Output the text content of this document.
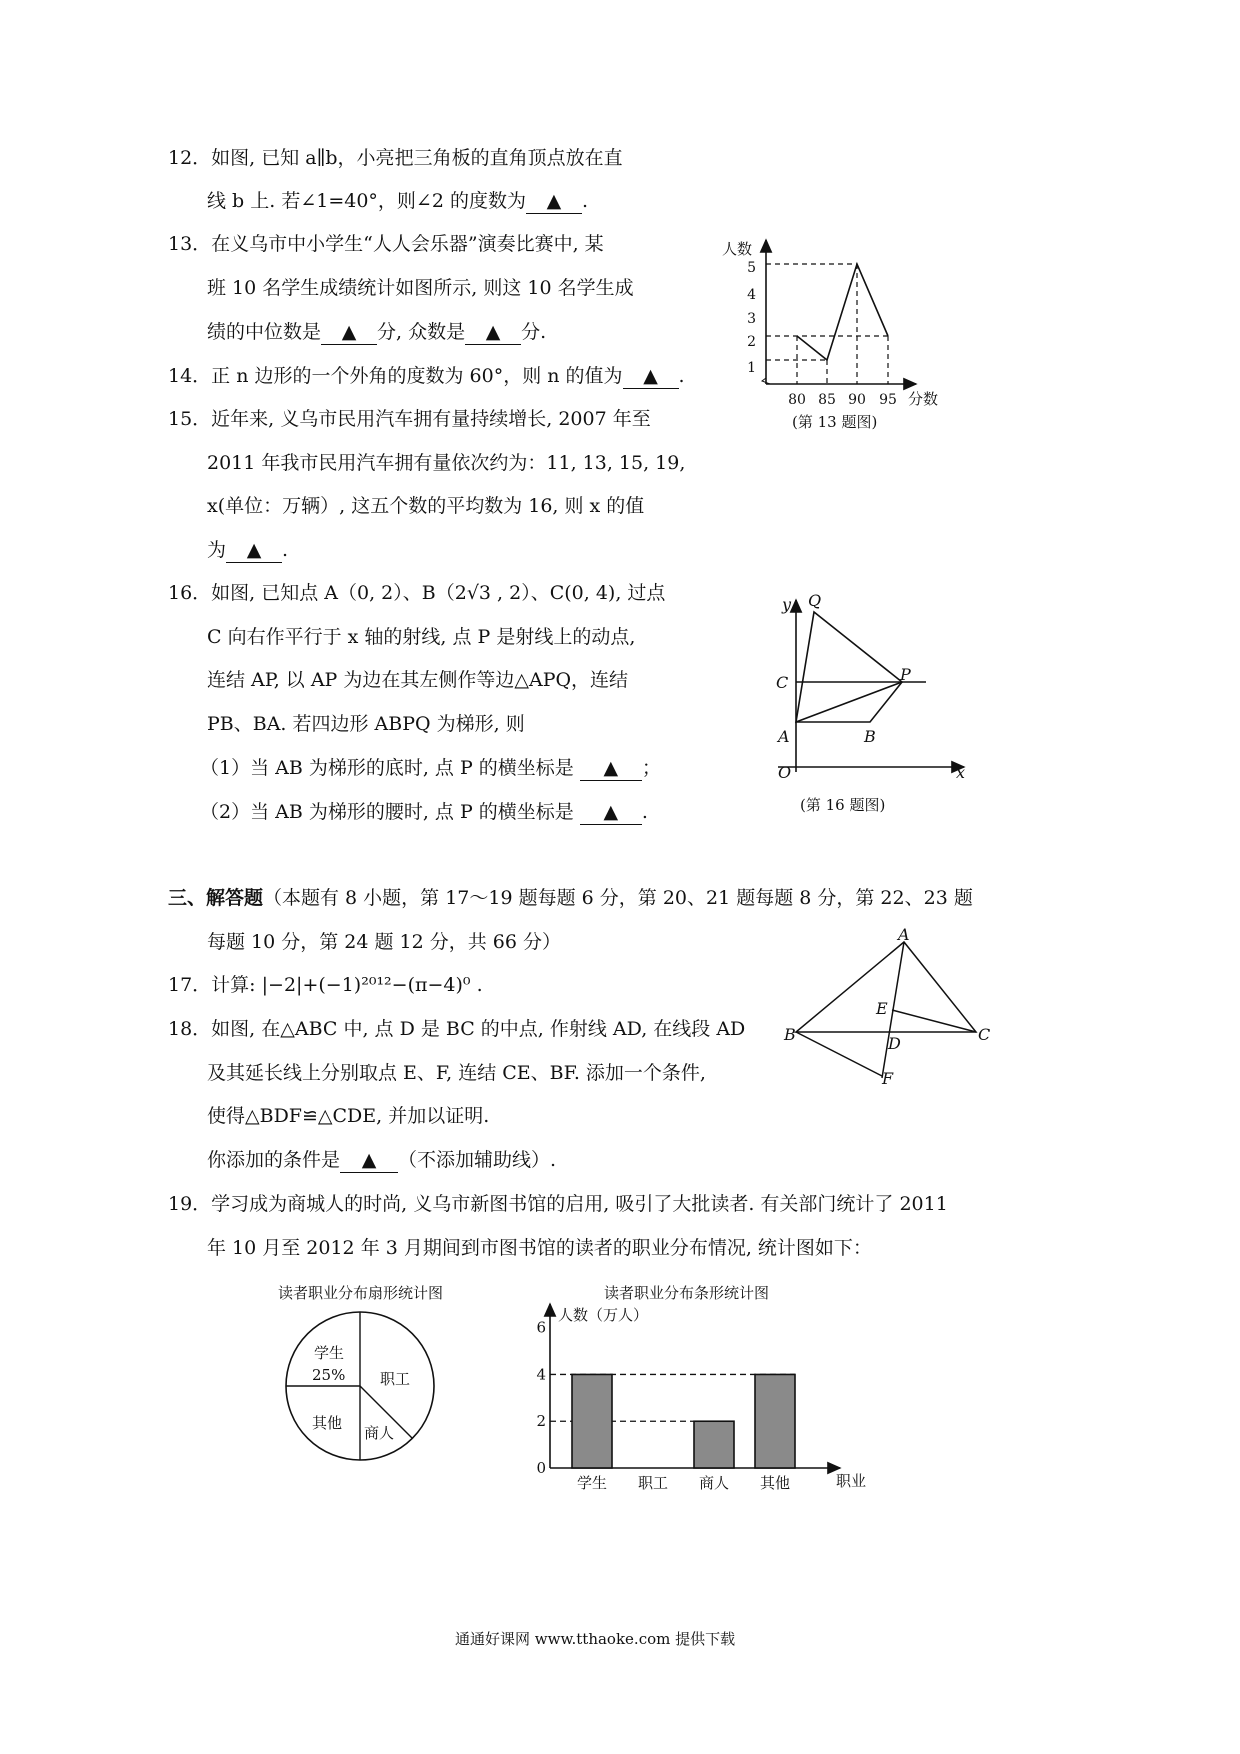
12．如图, 已知 a∥b，小亮把三角板的直角顶点放在直
线 b 上. 若∠1=40°，则∠2 的度数为 ▲ .
13．在义乌市中小学生“人人会乐器”演奏比赛中, 某
班 10 名学生成绩统计如图所示, 则这 10 名学生成
绩的中位数是 ▲ 分, 众数是 ▲ 分.
14．正 n 边形的一个外角的度数为 60°，则 n 的值为 ▲ .
15．近年来, 义乌市民用汽车拥有量持续增长, 2007 年至
2011 年我市民用汽车拥有量依次约为：11, 13, 15, 19,
x(单位：万辆）, 这五个数的平均数为 16, 则 x 的值
为 ▲ .
16．如图, 已知点 A（0, 2）、B（2√3 , 2）、C(0, 4), 过点
C 向右作平行于 x 轴的射线, 点 P 是射线上的动点,
连结 AP, 以 AP 为边在其左侧作等边△APQ，连结
PB、BA. 若四边形 ABPQ 为梯形, 则
（1）当 AB 为梯形的底时, 点 P 的横坐标是 ▲ ；
（2）当 AB 为梯形的腰时, 点 P 的横坐标是 ▲ .
三、解答题（本题有 8 小题，第 17～19 题每题 6 分，第 20、21 题每题 8 分，第 22、23 题
每题 10 分，第 24 题 12 分，共 66 分）
17．计算: |−2|+(−1)²⁰¹²−(π−4)⁰ .
18．如图, 在△ABC 中, 点 D 是 BC 的中点, 作射线 AD, 在线段 AD
及其延长线上分别取点 E、F, 连结 CE、BF. 添加一个条件,
使得△BDF≌△CDE, 并加以证明.
你添加的条件是 ▲ （不添加辅助线）.
19．学习成为商城人的时尚, 义乌市新图书馆的启用, 吸引了大批读者. 有关部门统计了 2011
年 10 月至 2012 年 3 月期间到市图书馆的读者的职业分布情况, 统计图如下：
人数
分数
1
2
3
4
5
80 85 90 95
(第 13 题图)
y Q
C	P
A	B
O	x
(第 16 题图)
A
B	C
D
E
F
读者职业分布扇形统计图
学生
25% 职工
商人
其他
读者职业分布条形统计图
人数（万人）
职业
0
2
4
6
学生 职工 商人 其他
通通好课网 www.tthaoke.com 提供下载
